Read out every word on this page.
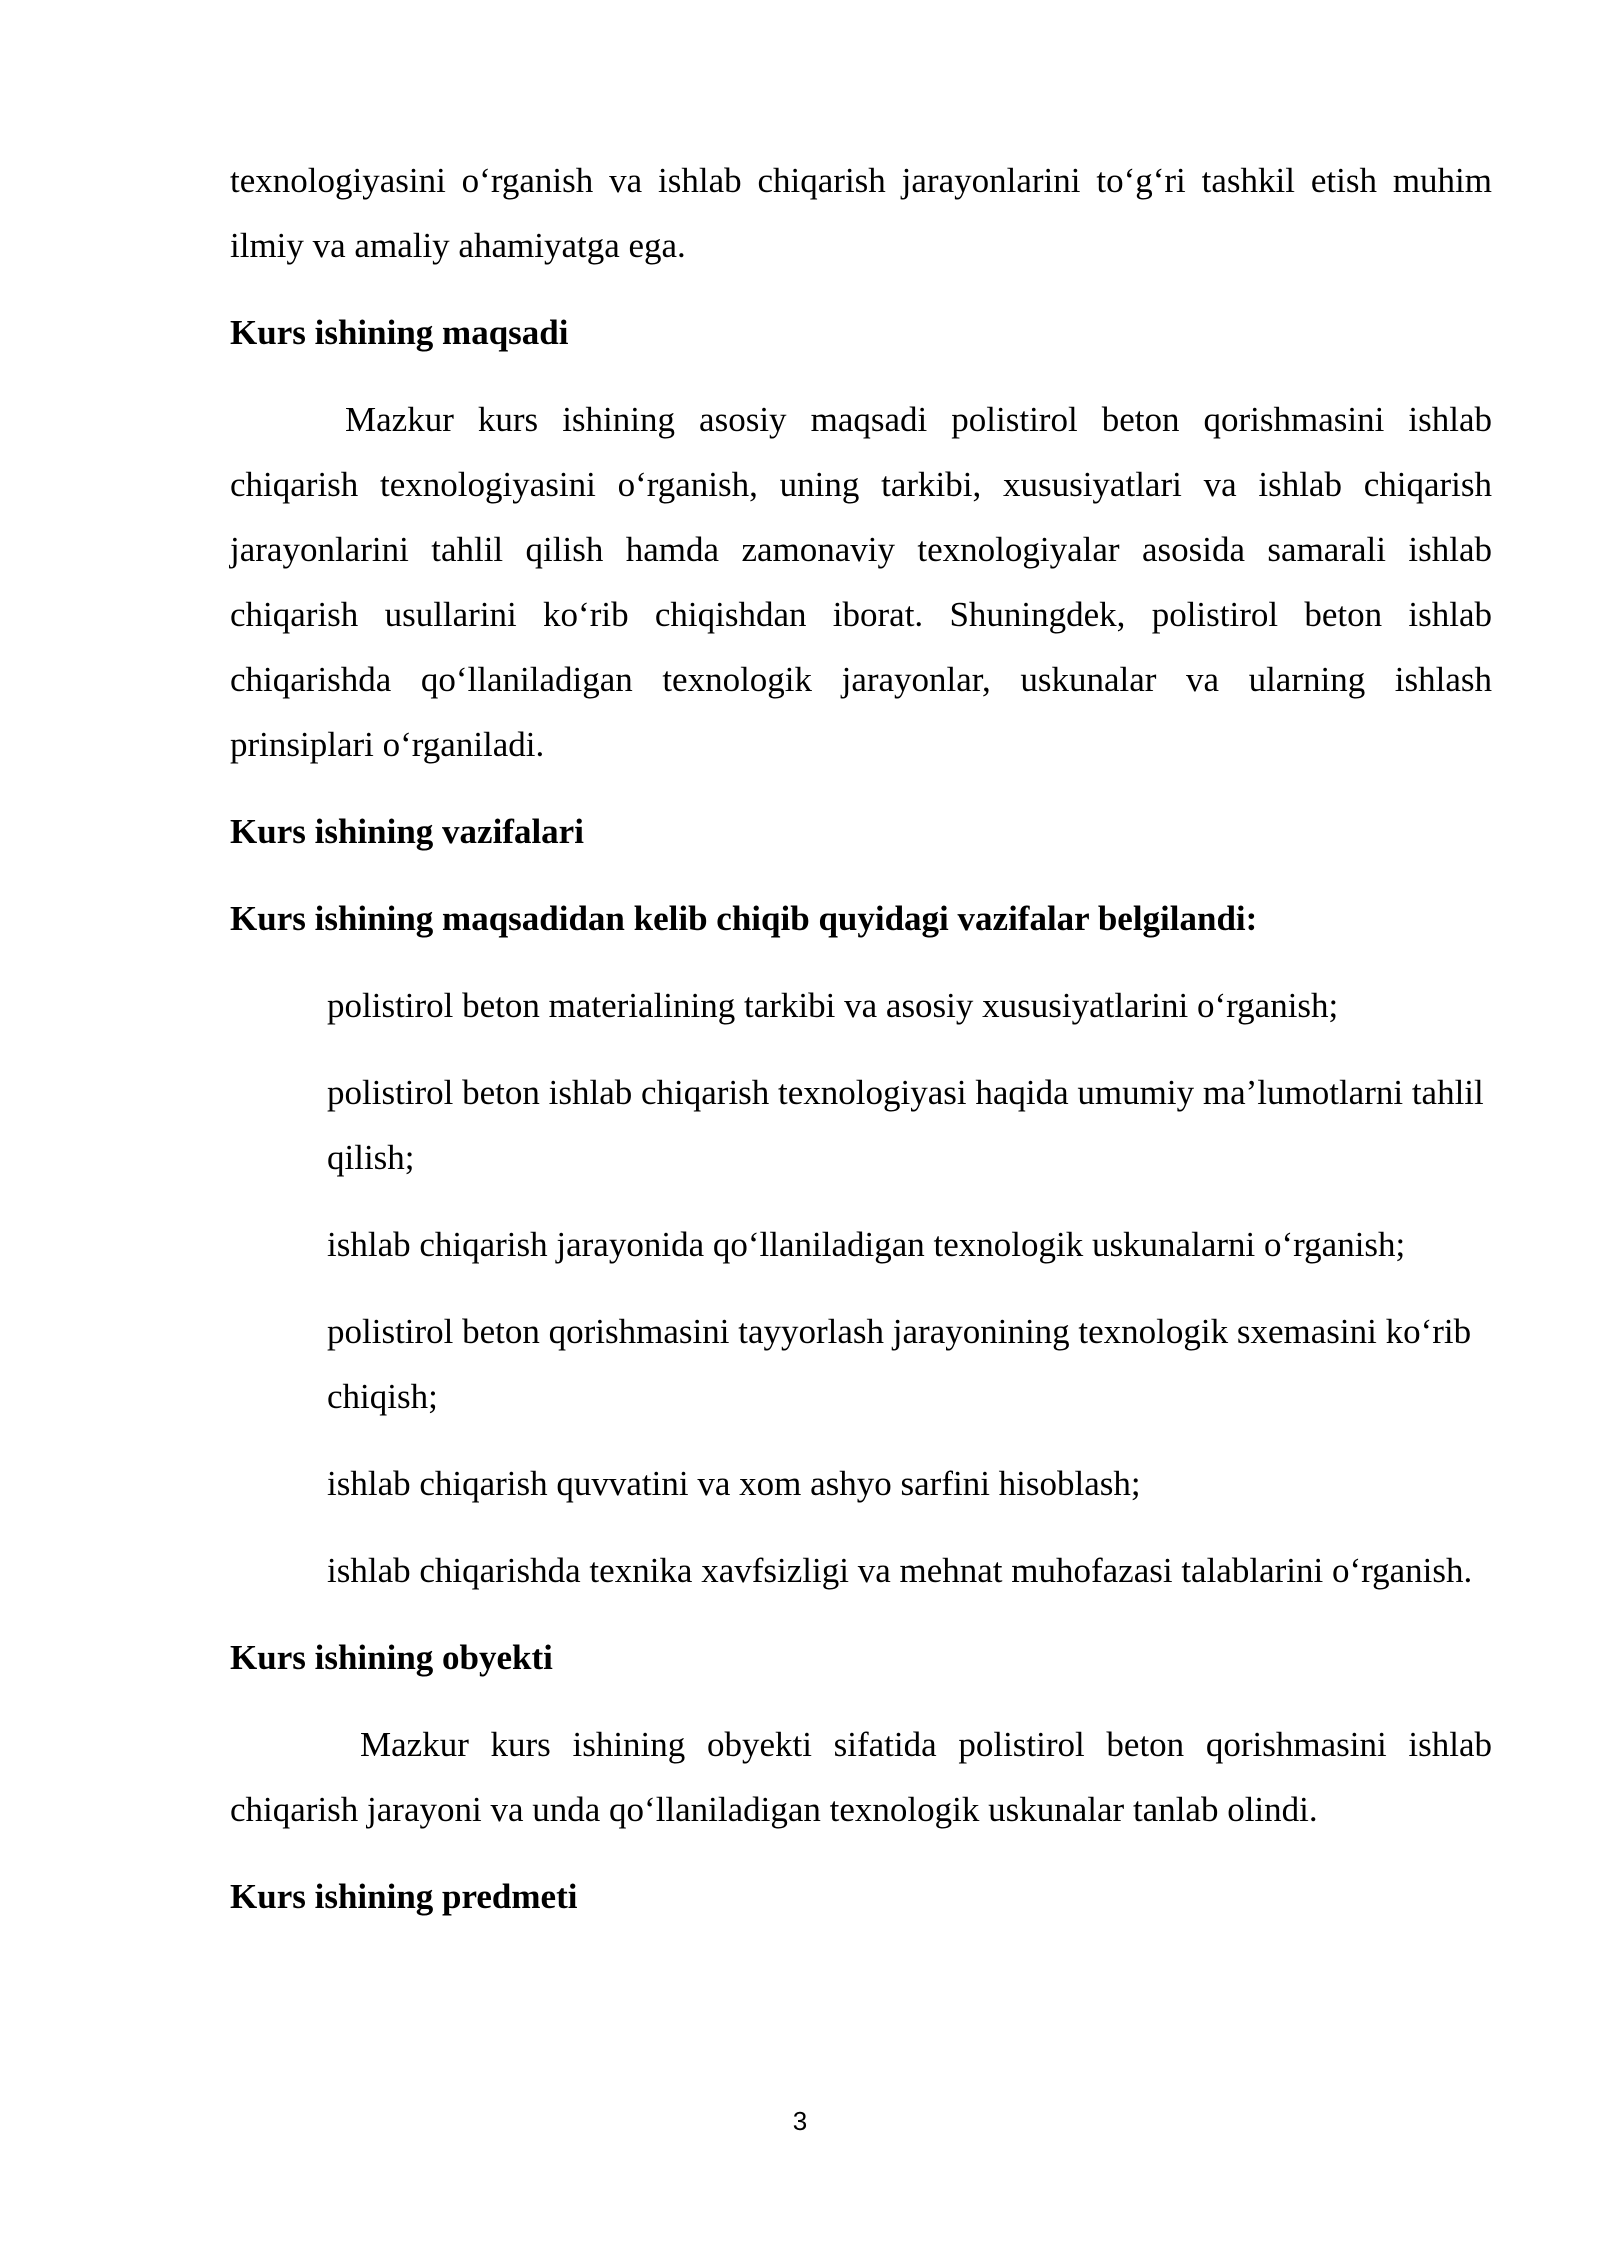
texnologiyasini o‘rganish va ishlab chiqarish jarayonlarini to‘g‘ri tashkil etish muhim ilmiy va amaliy ahamiyatga ega.

Kurs ishining maqsadi

Mazkur kurs ishining asosiy maqsadi polistirol beton qorishmasini ishlab chiqarish texnologiyasini o‘rganish, uning tarkibi, xususiyatlari va ishlab chiqarish jarayonlarini tahlil qilish hamda zamonaviy texnologiyalar asosida samarali ishlab chiqarish usullarini ko‘rib chiqishdan iborat. Shuningdek, polistirol beton ishlab chiqarishda qo‘llaniladigan texnologik jarayonlar, uskunalar va ularning ishlash prinsiplari o‘rganiladi.

Kurs ishining vazifalari

Kurs ishining maqsadidan kelib chiqib quyidagi vazifalar belgilandi:

polistirol beton materialining tarkibi va asosiy xususiyatlarini o‘rganish;

polistirol beton ishlab chiqarish texnologiyasi haqida umumiy ma’lumotlarni tahlil qilish;

ishlab chiqarish jarayonida qo‘llaniladigan texnologik uskunalarni o‘rganish;

polistirol beton qorishmasini tayyorlash jarayonining texnologik sxemasini ko‘rib chiqish;

ishlab chiqarish quvvatini va xom ashyo sarfini hisoblash;

ishlab chiqarishda texnika xavfsizligi va mehnat muhofazasi talablarini o‘rganish.

Kurs ishining obyekti

Mazkur kurs ishining obyekti sifatida polistirol beton qorishmasini ishlab chiqarish jarayoni va unda qo‘llaniladigan texnologik uskunalar tanlab olindi.

Kurs ishining predmeti

3
